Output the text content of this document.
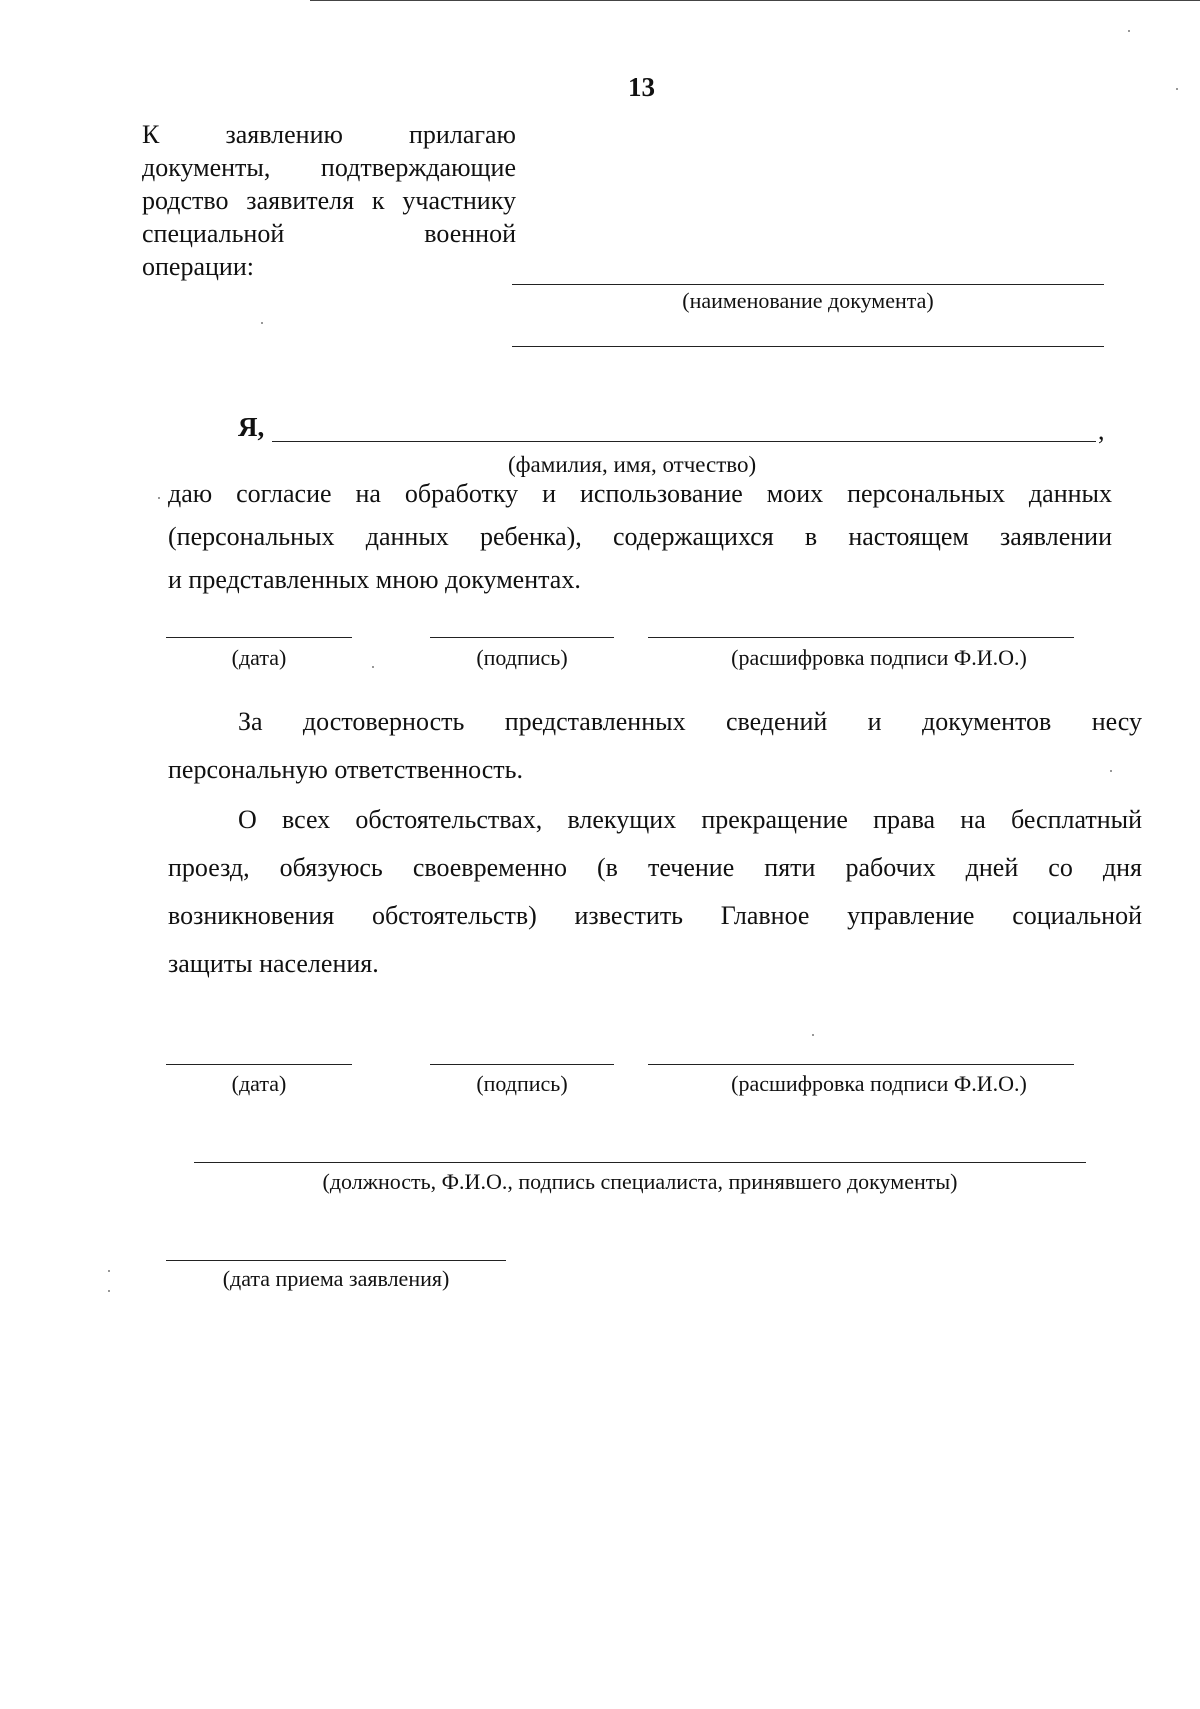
13
К заявлению прилагаю
документы, подтверждающие
родство заявителя к участнику
специальной военной
операции:
(наименование документа)
Я,	,
(фамилия, имя, отчество)
даю согласие на обработку и использование моих персональных данных
(персональных данных ребенка), содержащихся в настоящем заявлении
и представленных мною документах.
(дата)	(подпись)	(расшифровка подписи Ф.И.О.)
За достоверность представленных сведений и документов несу
персональную ответственность.
О всех обстоятельствах, влекущих прекращение права на бесплатный
проезд, обязуюсь своевременно (в течение пяти рабочих дней со дня
возникновения обстоятельств) известить Главное управление социальной
защиты населения.
(дата)	(подпись)	(расшифровка подписи Ф.И.О.)
(должность, Ф.И.О., подпись специалиста, принявшего документы)
(дата приема заявления)
